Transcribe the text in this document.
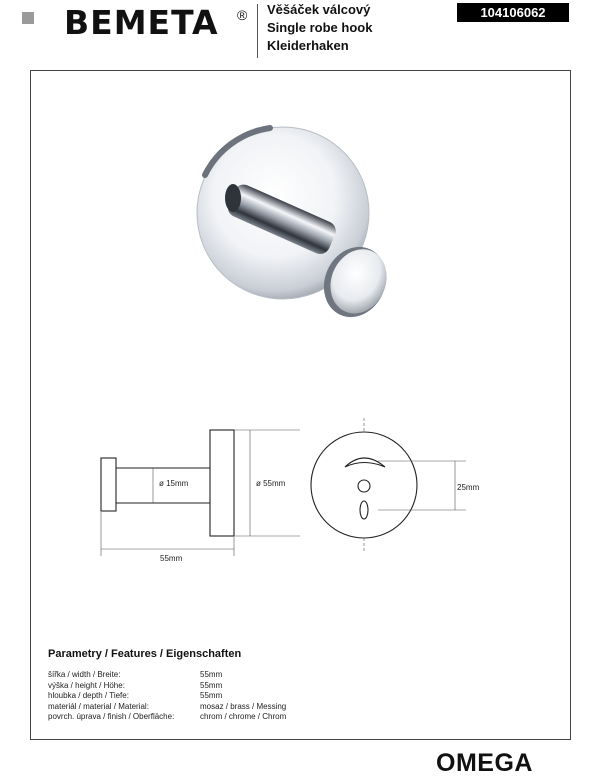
BEMETA ® Věšáček válcový
Single robe hook
Kleiderhaken
104106062
ø 15mm	ø 55mm
55mm
25mm
Parametry / Features / Eigenschaften
šířka / width / Breite:	55mm
výška / height / Höhe:	55mm
hloubka / depth / Tiefe:	55mm
materiál / material / Material:	mosaz / brass / Messing
povrch. úprava / finish / Oberfläche:	chrom / chrome / Chrom
OMEGA
